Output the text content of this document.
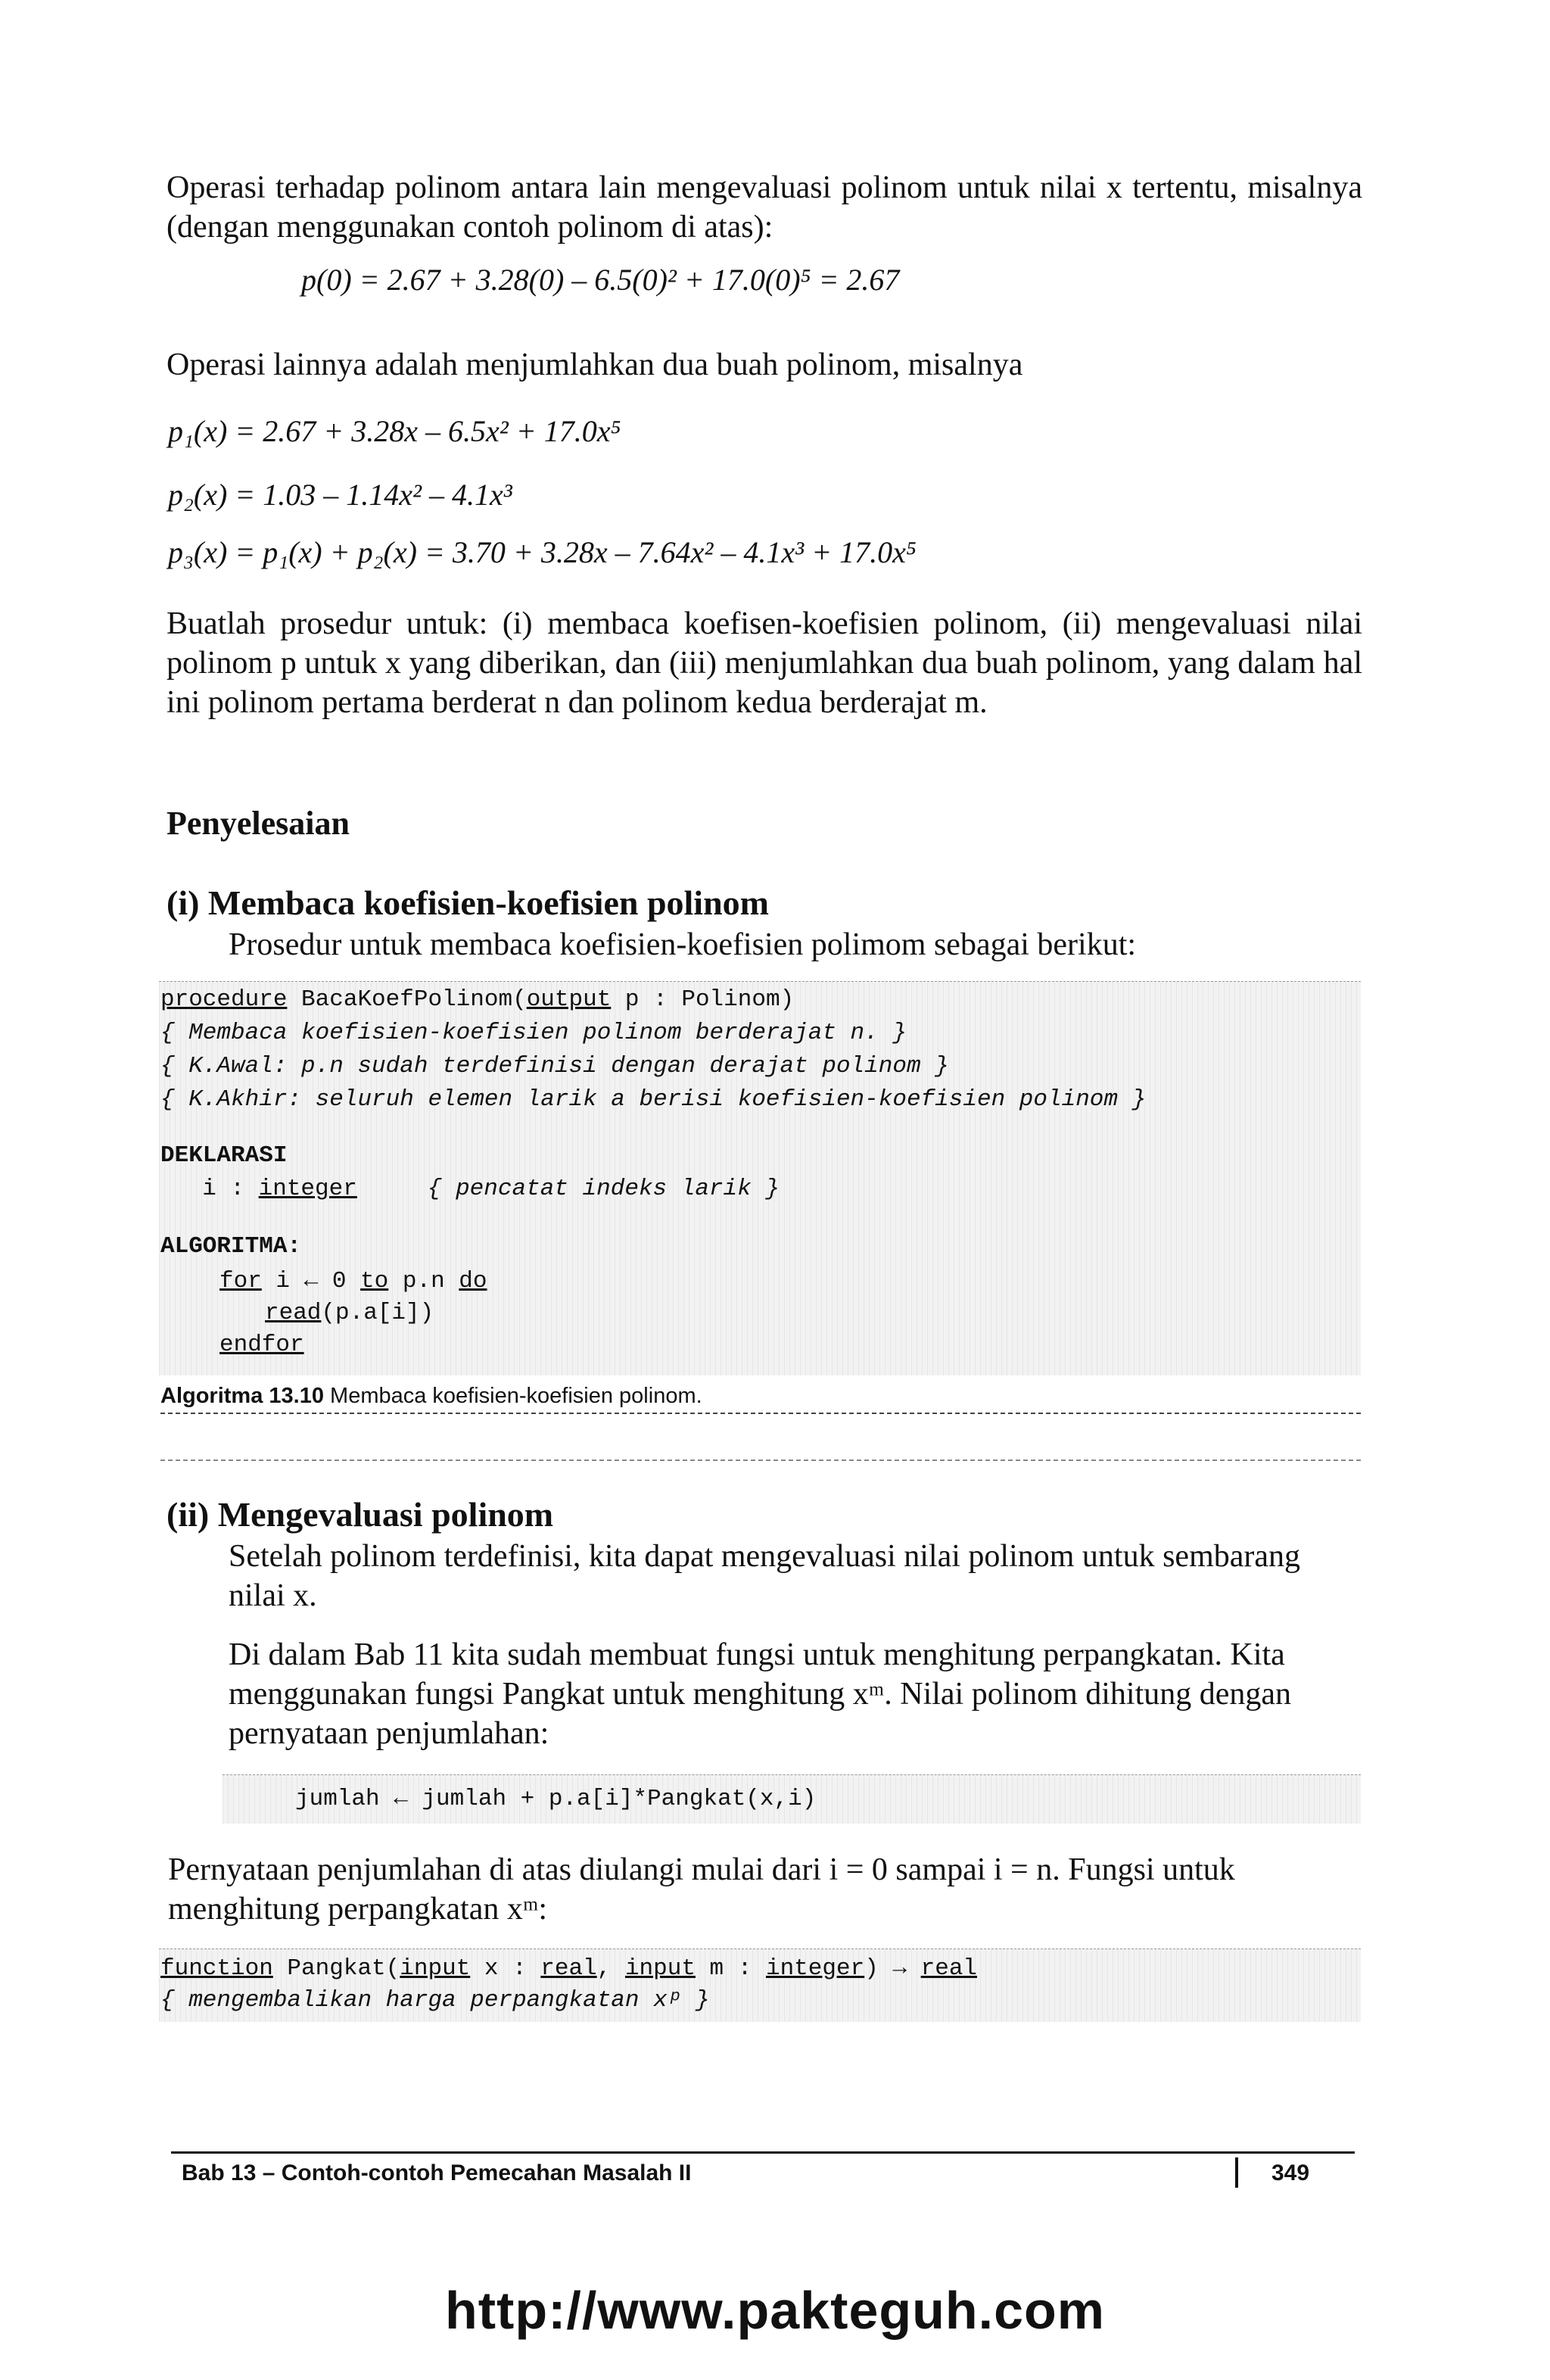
Operasi terhadap polinom antara lain mengevaluasi polinom untuk nilai x tertentu, misalnya (dengan menggunakan contoh polinom di atas):
p(0) = 2.67 + 3.28(0) – 6.5(0)² + 17.0(0)⁵ = 2.67
Operasi lainnya adalah menjumlahkan dua buah polinom, misalnya
p₁(x) = 2.67 + 3.28x – 6.5x² + 17.0x⁵
p₂(x) = 1.03 – 1.14x² – 4.1x³
p₃(x) = p₁(x) + p₂(x) = 3.70 + 3.28x – 7.64x² – 4.1x³ + 17.0x⁵
Buatlah prosedur untuk: (i) membaca koefisen-koefisien polinom, (ii) mengevaluasi nilai polinom p untuk x yang diberikan, dan (iii) menjumlahkan dua buah polinom, yang dalam hal ini polinom pertama berderat n dan polinom kedua berderajat m.
Penyelesaian
(i) Membaca koefisien-koefisien polinom
Prosedur untuk membaca koefisien-koefisien polimom sebagai berikut:
procedure BacaKoefPolinom(output p : Polinom)
{ Membaca koefisien-koefisien polinom berderajat n. }
{ K.Awal: p.n sudah terdefinisi dengan derajat polinom }
{ K.Akhir: seluruh elemen larik a berisi koefisien-koefisien polinom }
DEKLARASI
i : integer     { pencatat indeks larik }
ALGORITMA:
for i ← 0 to p.n do
read(p.a[i])
endfor
Algoritma 13.10 Membaca koefisien-koefisien polinom.
(ii) Mengevaluasi polinom
Setelah polinom terdefinisi, kita dapat mengevaluasi nilai polinom untuk sembarang nilai x.
Di dalam Bab 11 kita sudah membuat fungsi untuk menghitung perpangkatan. Kita menggunakan fungsi Pangkat untuk menghitung xᵐ. Nilai polinom dihitung dengan pernyataan penjumlahan:
jumlah ← jumlah + p.a[i]*Pangkat(x,i)
Pernyataan penjumlahan di atas diulangi mulai dari i = 0 sampai i = n. Fungsi untuk menghitung perpangkatan xᵐ:
function Pangkat(input x : real, input m : integer) → real
{ mengembalikan harga perpangkatan xᵖ }
Bab 13 – Contoh-contoh Pemecahan Masalah II	349
http://www.pakteguh.com
